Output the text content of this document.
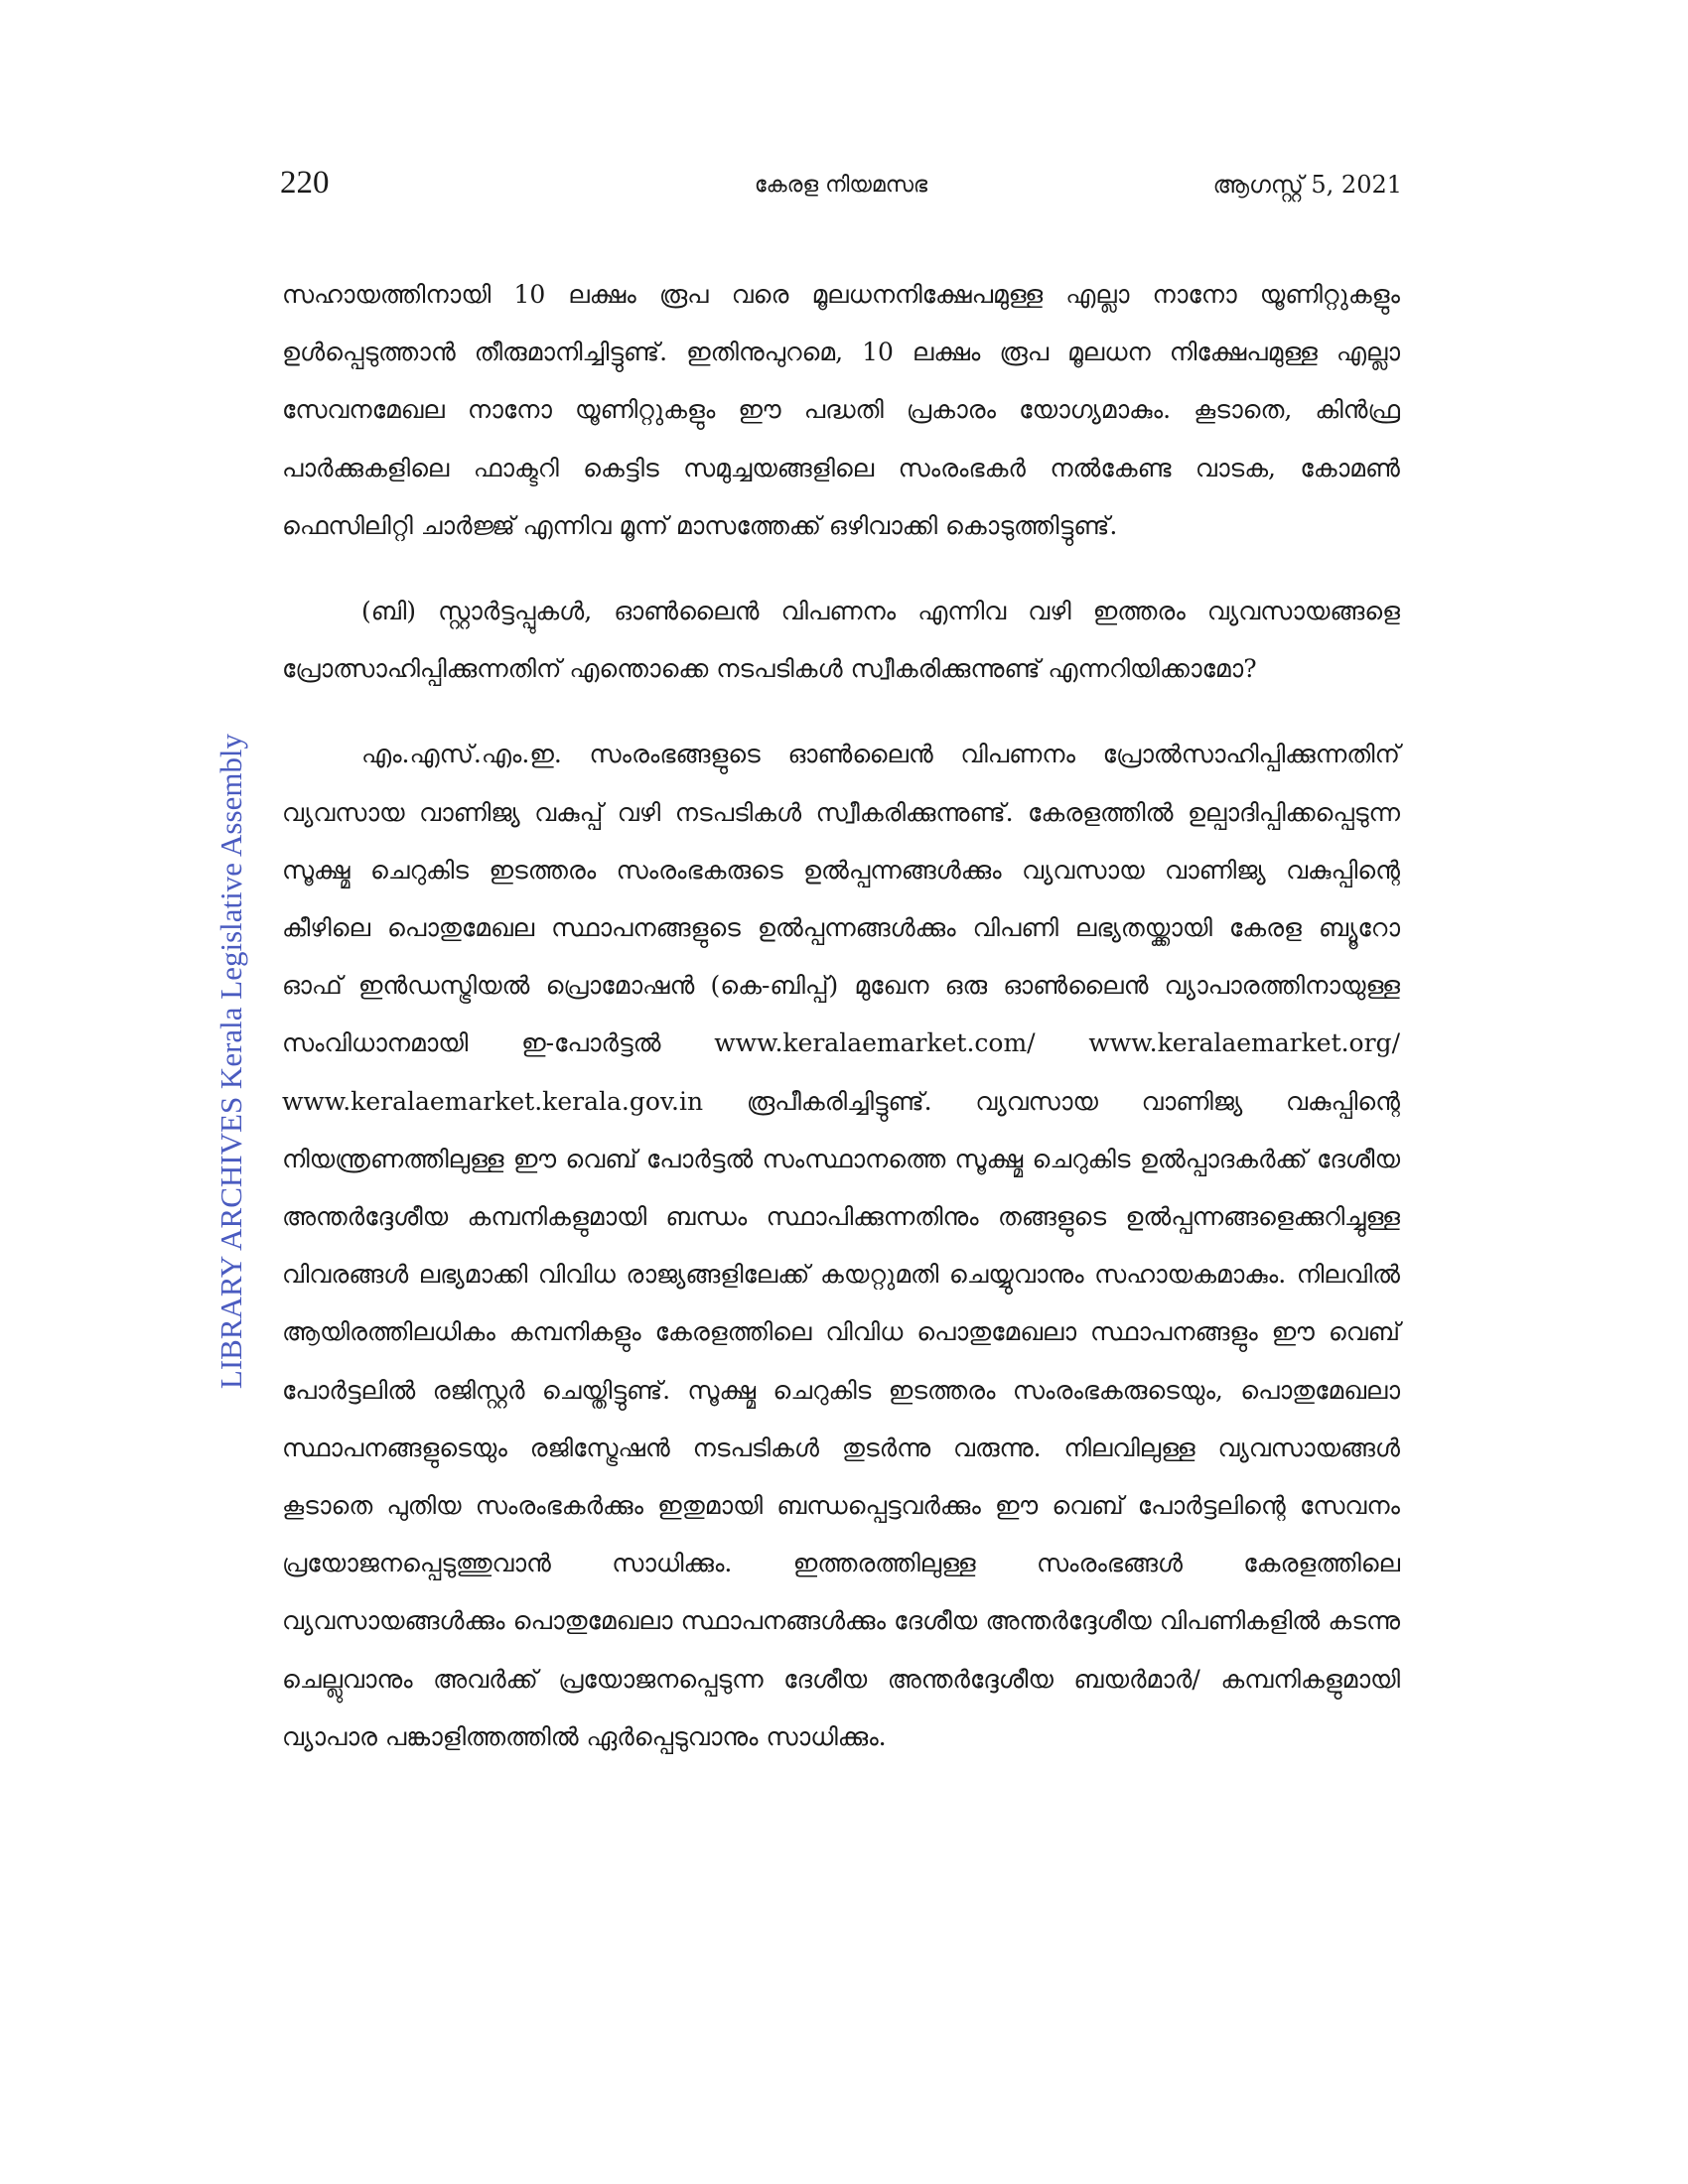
220	കേരള നിയമസഭ	ആഗസ്റ്റ് 5, 2021
LIBRARY ARCHIVES Kerala Legislative Assembly

സഹായത്തിനായി 10 ലക്ഷം രൂപ വരെ മൂലധനനിക്ഷേപമുള്ള എല്ലാ നാനോ യൂണിറ്റുകളും ഉൾപ്പെടുത്താൻ തീരുമാനിച്ചിട്ടുണ്ട്. ഇതിനുപുറമെ, 10 ലക്ഷം രൂപ മൂലധന നിക്ഷേപമുള്ള എല്ലാ സേവനമേഖല നാനോ യൂണിറ്റുകളും ഈ പദ്ധതി പ്രകാരം യോഗ്യമാകും. കൂടാതെ, കിൻഫ്ര പാർക്കുകളിലെ ഫാക്ടറി കെട്ടിട സമുച്ചയങ്ങളിലെ സംരംഭകർ നൽകേണ്ട വാടക, കോമൺ ഫെസിലിറ്റി ചാർജ്ജ് എന്നിവ മൂന്ന് മാസത്തേക്ക് ഒഴിവാക്കി കൊടുത്തിട്ടുണ്ട്.

(ബി) സ്റ്റാർട്ടപ്പുകൾ, ഓൺലൈൻ വിപണനം എന്നിവ വഴി ഇത്തരം വ്യവസായങ്ങളെ പ്രോത്സാഹിപ്പിക്കുന്നതിന് എന്തൊക്കെ നടപടികൾ സ്വീകരിക്കുന്നുണ്ട് എന്നറിയിക്കാമോ?

എം.എസ്.എം.ഇ. സംരംഭങ്ങളുടെ ഓൺലൈൻ വിപണനം പ്രോൽസാഹിപ്പിക്കുന്നതിന് വ്യവസായ വാണിജ്യ വകുപ്പ് വഴി നടപടികൾ സ്വീകരിക്കുന്നുണ്ട്. കേരളത്തിൽ ഉല്പാദിപ്പിക്കപ്പെടുന്ന സൂക്ഷ്മ ചെറുകിട ഇടത്തരം സംരംഭകരുടെ ഉൽപ്പന്നങ്ങൾക്കും വ്യവസായ വാണിജ്യ വകുപ്പിന്റെ കീഴിലെ പൊതുമേഖല സ്ഥാപനങ്ങളുടെ ഉൽപ്പന്നങ്ങൾക്കും വിപണി ലഭ്യതയ്ക്കായി കേരള ബ്യൂറോ ഓഫ് ഇൻഡസ്ട്രിയൽ പ്രൊമോഷൻ (കെ-ബിപ്പ്) മുഖേന ഒരു ഓൺലൈൻ വ്യാപാരത്തിനായുള്ള സംവിധാനമായി ഇ-പോർട്ടൽ www.keralaemarket.com/ www.keralaemarket.org/ www.keralaemarket.kerala.gov.in രൂപീകരിച്ചിട്ടുണ്ട്. വ്യവസായ വാണിജ്യ വകുപ്പിന്റെ നിയന്ത്രണത്തിലുള്ള ഈ വെബ് പോർട്ടൽ സംസ്ഥാനത്തെ സൂക്ഷ്മ ചെറുകിട ഉൽപ്പാദകർക്ക് ദേശീയ അന്തർദ്ദേശീയ കമ്പനികളുമായി ബന്ധം സ്ഥാപിക്കുന്നതിനും തങ്ങളുടെ ഉൽപ്പന്നങ്ങളെക്കുറിച്ചുള്ള വിവരങ്ങൾ ലഭ്യമാക്കി വിവിധ രാജ്യങ്ങളിലേക്ക് കയറ്റുമതി ചെയ്യുവാനും സഹായകമാകും. നിലവിൽ ആയിരത്തിലധികം കമ്പനികളും കേരളത്തിലെ വിവിധ പൊതുമേഖലാ സ്ഥാപനങ്ങളും ഈ വെബ് പോർട്ടലിൽ രജിസ്റ്റർ ചെയ്തിട്ടുണ്ട്. സൂക്ഷ്മ ചെറുകിട ഇടത്തരം സംരംഭകരുടെയും, പൊതുമേഖലാ സ്ഥാപനങ്ങളുടെയും രജിസ്ട്രേഷൻ നടപടികൾ തുടർന്നു വരുന്നു. നിലവിലുള്ള വ്യവസായങ്ങൾ കൂടാതെ പുതിയ സംരംഭകർക്കും ഇതുമായി ബന്ധപ്പെട്ടവർക്കും ഈ വെബ് പോർട്ടലിന്റെ സേവനം പ്രയോജനപ്പെടുത്തുവാൻ സാധിക്കും. ഇത്തരത്തിലുള്ള സംരംഭങ്ങൾ കേരളത്തിലെ വ്യവസായങ്ങൾക്കും പൊതുമേഖലാ സ്ഥാപനങ്ങൾക്കും ദേശീയ അന്തർദ്ദേശീയ വിപണികളിൽ കടന്നു ചെല്ലുവാനും അവർക്ക് പ്രയോജനപ്പെടുന്ന ദേശീയ അന്തർദ്ദേശീയ ബയർമാർ/ കമ്പനികളുമായി വ്യാപാര പങ്കാളിത്തത്തിൽ ഏർപ്പെടുവാനും സാധിക്കും.
